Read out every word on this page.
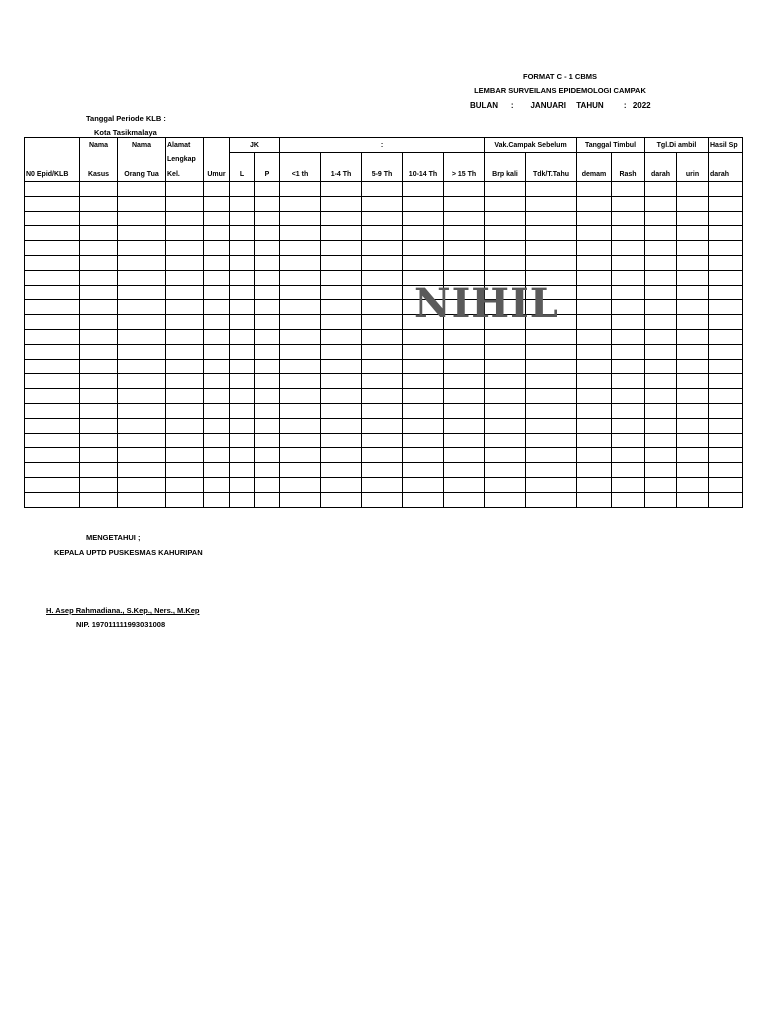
FORMAT C - 1 CBMS
LEMBAR SURVEILANS EPIDEMOLOGI CAMPAK
BULAN : JANUARI TAHUN	: 2022
Tanggal Periode KLB :
Kota Tasikmalaya
	Nama	Nama	Alamat		JK		:					Vak.Campak Sebelum		Tanggal Timbul		Tgl.Di ambil		Hasil Sp
			Lengkap															
N0 Epid/KLB	Kasus	Orang Tua	Kel.	Umur	L	P	<1 th	1-4 Th	5-9 Th	10-14 Th	> 15 Th	Brp kali	Tdk/T.Tahu	demam	Rash	darah	urin	darah

NIHIL
MENGETAHUI ;
KEPALA UPTD PUSKESMAS KAHURIPAN
H. Asep Rahmadiana., S.Kep., Ners., M.Kep
NIP. 197011111993031008
